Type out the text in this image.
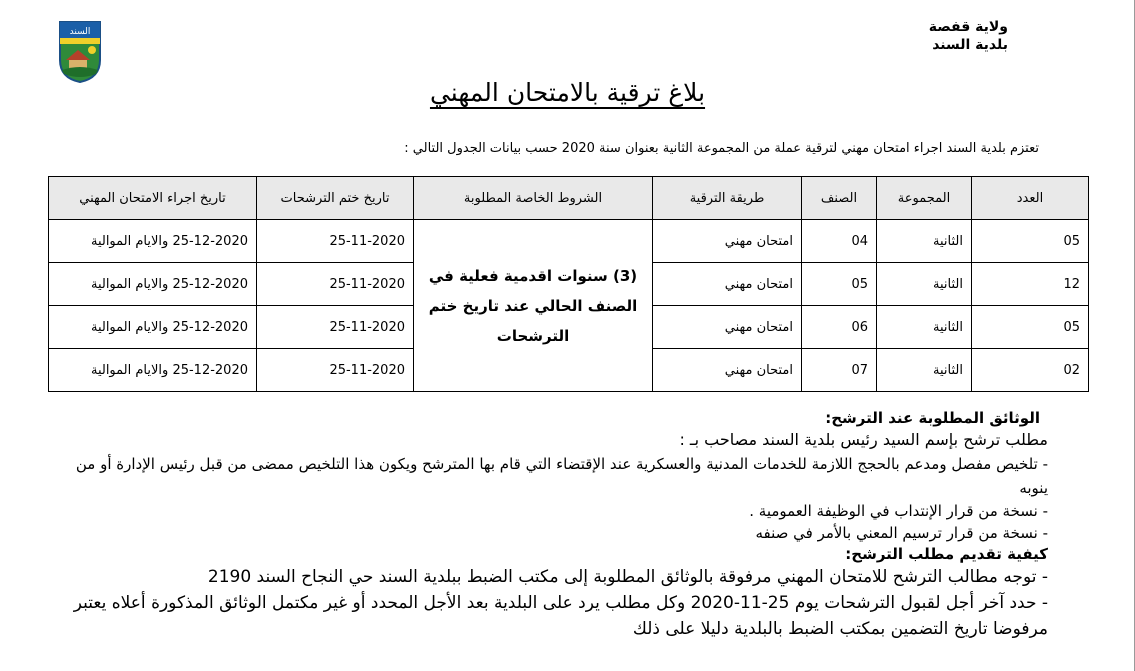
السند	ولاية قفصة
بلدية السند
بلاغ ترقية بالامتحان المهني
تعتزم بلدية السند اجراء امتحان مهني لترقية عملة من المجموعة الثانية بعنوان سنة 2020 حسب بيانات الجدول التالي :
العدد	المجموعة	الصنف	طريقة الترقية	الشروط الخاصة المطلوبة	تاريخ ختم الترشحات	تاريخ اجراء الامتحان المهني
05	الثانية	04	امتحان مهني	(3) سنوات اقدمية فعلية في الصنف الحالي عند تاريخ ختم الترشحات	25-11-2020	25-12-2020 والايام الموالية
12	الثانية	05	امتحان مهني		25-11-2020	25-12-2020 والايام الموالية
05	الثانية	06	امتحان مهني		25-11-2020	25-12-2020 والايام الموالية
02	الثانية	07	امتحان مهني		25-11-2020	25-12-2020 والايام الموالية

الوثائق المطلوبة عند الترشح:

مطلب ترشح بإسم السيد رئيس بلدية السند مصاحب بـ :

- تلخيص مفصل ومدعم بالحجج اللازمة للخدمات المدنية والعسكرية عند الإقتضاء التي قام بها المترشح ويكون هذا التلخيص ممضى من قبل رئيس الإدارة أو من ينوبه

- نسخة من قرار الإنتداب في الوظيفة العمومية .

- نسخة من قرار ترسيم المعني بالأمر في صنفه

كيفية تقديم مطلب الترشح:

- توجه مطالب الترشح للامتحان المهني مرفوقة بالوثائق المطلوبة إلى مكتب الضبط ببلدية السند حي النجاح السند 2190

- حدد آخر أجل لقبول الترشحات يوم 25-11-2020 وكل مطلب يرد على البلدية بعد الأجل المحدد أو غير مكتمل الوثائق المذكورة أعلاه يعتبر مرفوضا تاريخ التضمين بمكتب الضبط بالبلدية دليلا على ذلك
